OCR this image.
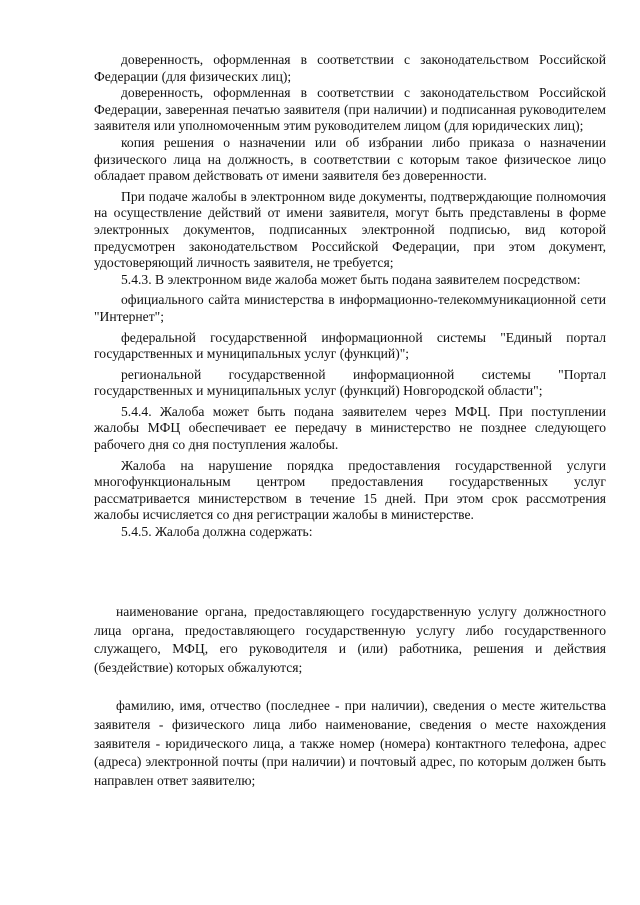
доверенность, оформленная в соответствии с законодательством Российской Федерации (для физических лиц);

доверенность, оформленная в соответствии с законодательством Российской Федерации, заверенная печатью заявителя (при наличии) и подписанная руководителем заявителя или уполномоченным этим руководителем лицом (для юридических лиц);

копия решения о назначении или об избрании либо приказа о назначении физического лица на должность, в соответствии с которым такое физическое лицо обладает правом действовать от имени заявителя без доверенности.

При подаче жалобы в электронном виде документы, подтверждающие полномочия на осуществление действий от имени заявителя, могут быть представлены в форме электронных документов, подписанных электронной подписью, вид которой предусмотрен законодательством Российской Федерации, при этом документ, удостоверяющий личность заявителя, не требуется;

5.4.3. В электронном виде жалоба может быть подана заявителем посредством:

официального сайта министерства в информационно-телекоммуникационной сети "Интернет";

федеральной государственной информационной системы "Единый портал государственных и муниципальных услуг (функций)";

региональной государственной информационной системы "Портал государственных и муниципальных услуг (функций) Новгородской области";

5.4.4. Жалоба может быть подана заявителем через МФЦ. При поступлении жалобы МФЦ обеспечивает ее передачу в министерство не позднее следующего рабочего дня со дня поступления жалобы.

Жалоба на нарушение порядка предоставления государственной услуги многофункциональным центром предоставления государственных услуг рассматривается министерством в течение 15 дней. При этом срок рассмотрения жалобы исчисляется со дня регистрации жалобы в министерстве.

5.4.5. Жалоба должна содержать:

наименование органа, предоставляющего государственную услугу должностного лица органа, предоставляющего государственную услугу либо государственного служащего, МФЦ, его руководителя и (или) работника, решения и действия (бездействие) которых обжалуются;

фамилию, имя, отчество (последнее - при наличии), сведения о месте жительства заявителя - физического лица либо наименование, сведения о месте нахождения заявителя - юридического лица, а также номер (номера) контактного телефона, адрес (адреса) электронной почты (при наличии) и почтовый адрес, по которым должен быть направлен ответ заявителю;
